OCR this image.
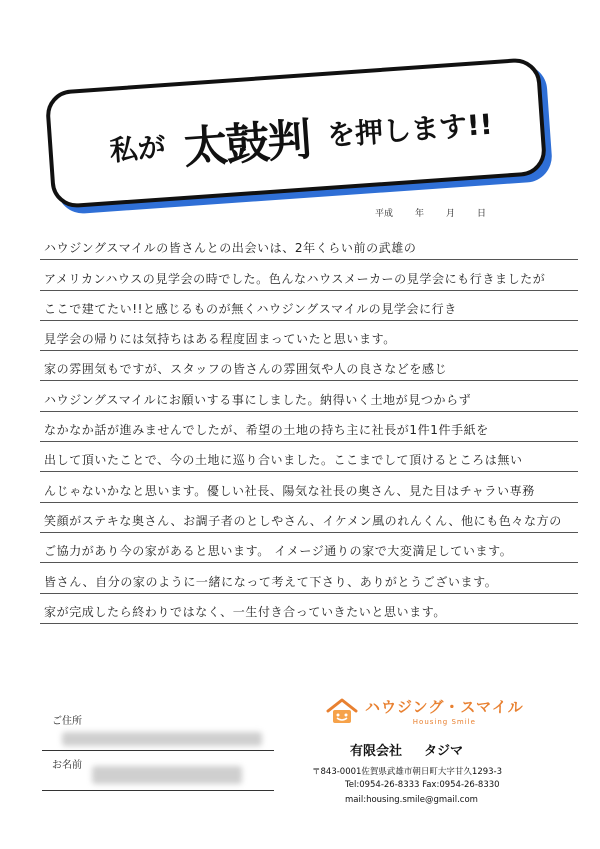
私が 太鼓判 を押します!!
平成 年 月 日
ハウジングスマイルの皆さんとの出会いは、2年くらい前の武雄の
アメリカンハウスの見学会の時でした。色んなハウスメーカーの見学会にも行きましたが
ここで建てたい!!と感じるものが無くハウジングスマイルの見学会に行き
見学会の帰りには気持ちはある程度固まっていたと思います。
家の雰囲気もですが、スタッフの皆さんの雰囲気や人の良さなどを感じ
ハウジングスマイルにお願いする事にしました。納得いく土地が見つからず
なかなか話が進みませんでしたが、希望の土地の持ち主に社長が1件1件手紙を
出して頂いたことで、今の土地に巡り合いました。ここまでして頂けるところは無い
んじゃないかなと思います。優しい社長、陽気な社長の奥さん、見た目はチャラい専務
笑顔がステキな奥さん、お調子者のとしやさん、イケメン風のれんくん、他にも色々な方の
ご協力があり今の家があると思います。 イメージ通りの家で大変満足しています。
皆さん、自分の家のように一緒になって考えて下さり、ありがとうございます。
家が完成したら終わりではなく、一生付き合っていきたいと思います。
ご住所
お名前
ハウジング・スマイル
Housing Smile
有限会社 タジマ
〒843-0001佐賀県武雄市朝日町大字甘久1293-3
Tel:0954-26-8333 Fax:0954-26-8330
mail:housing.smile@gmail.com
